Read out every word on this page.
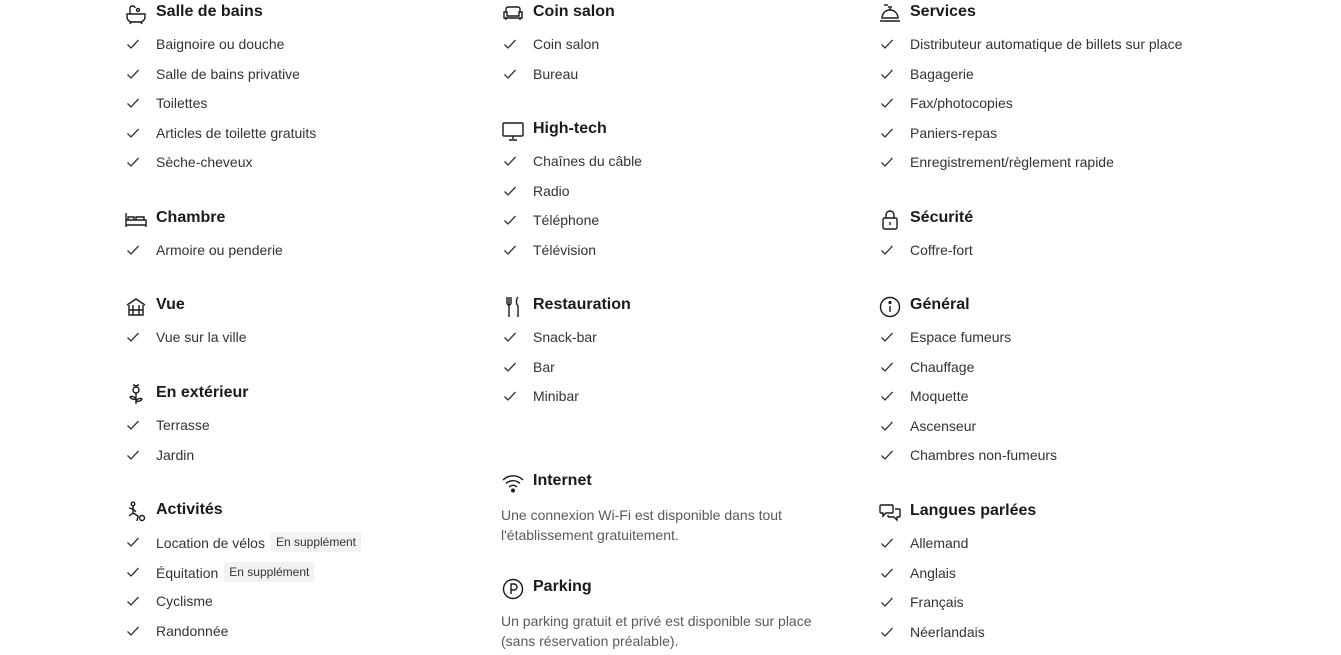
Salle de bains
Baignoire ou douche
Salle de bains privative
Toilettes
Articles de toilette gratuits
Sèche-cheveux
Chambre
Armoire ou penderie
Vue
Vue sur la ville
En extérieur
Terrasse
Jardin
Activités
Location de vélos En supplément
Équitation En supplément
Cyclisme
Randonnée
Coin salon
Coin salon
Bureau
High-tech
Chaînes du câble
Radio
Téléphone
Télévision
Restauration
Snack-bar
Bar
Minibar
Internet
Une connexion Wi-Fi est disponible dans tout l'établissement gratuitement.
Parking
Un parking gratuit et privé est disponible sur place (sans réservation préalable).
Services
Distributeur automatique de billets sur place
Bagagerie
Fax/photocopies
Paniers-repas
Enregistrement/règlement rapide
Sécurité
Coffre-fort
Général
Espace fumeurs
Chauffage
Moquette
Ascenseur
Chambres non-fumeurs
Langues parlées
Allemand
Anglais
Français
Néerlandais
